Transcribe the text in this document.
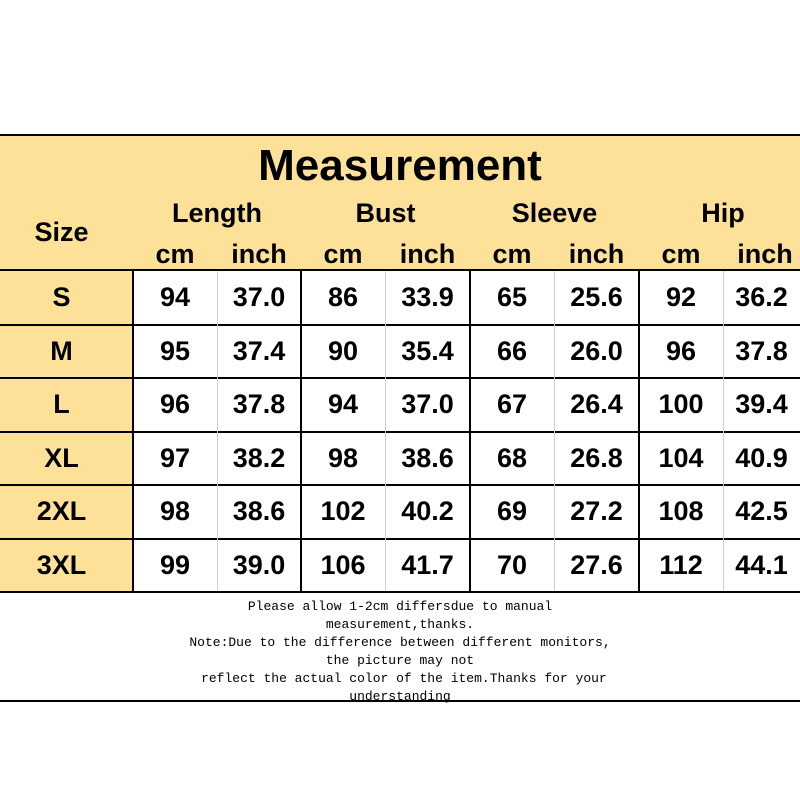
Measurement
Size
Length	Bust	Sleeve	Hip
cm	inch	cm	inch	cm	inch	cm	inch
S	94	37.0	86	33.9	65	25.6	92	36.2
M	95	37.4	90	35.4	66	26.0	96	37.8
L	96	37.8	94	37.0	67	26.4	100	39.4
XL	97	38.2	98	38.6	68	26.8	104	40.9
2XL	98	38.6	102	40.2	69	27.2	108	42.5
3XL	99	39.0	106	41.7	70	27.6	112	44.1
Please allow 1-2cm differsdue to manual
measurement,thanks.
Note:Due to the difference between different monitors,
the picture may not
reflect the actual color of the item.Thanks for your
understanding
